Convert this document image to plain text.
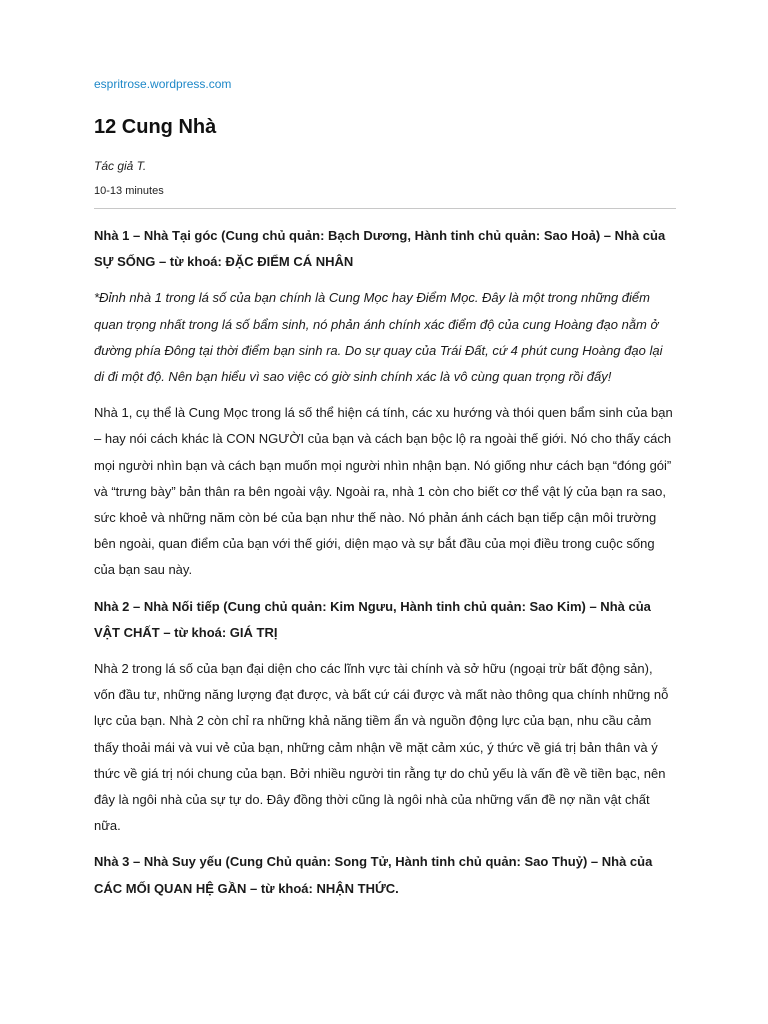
espritrose.wordpress.com
12 Cung Nhà

Tác giả T.

10-13 minutes

Nhà 1 – Nhà Tại góc (Cung chủ quản: Bạch Dương, Hành tinh chủ quản: Sao Hoả) – Nhà của SỰ SỐNG – từ khoá: ĐẶC ĐIỂM CÁ NHÂN

*Đỉnh nhà 1 trong lá số của bạn chính là Cung Mọc hay Điểm Mọc. Đây là một trong những điểm quan trọng nhất trong lá số bẩm sinh, nó phản ánh chính xác điểm độ của cung Hoàng đạo nằm ở đường phía Đông tại thời điểm bạn sinh ra. Do sự quay của Trái Đất, cứ 4 phút cung Hoàng đạo lại di đi một độ. Nên bạn hiểu vì sao việc có giờ sinh chính xác là vô cùng quan trọng rồi đấy!

Nhà 1, cụ thể là Cung Mọc trong lá số thể hiện cá tính, các xu hướng và thói quen bẩm sinh của bạn – hay nói cách khác là CON NGƯỜI của bạn và cách bạn bộc lộ ra ngoài thế giới. Nó cho thấy cách mọi người nhìn bạn và cách bạn muốn mọi người nhìn nhận bạn. Nó giống như cách bạn “đóng gói” và “trưng bày” bản thân ra bên ngoài vậy. Ngoài ra, nhà 1 còn cho biết cơ thể vật lý của bạn ra sao, sức khoẻ và những năm còn bé của bạn như thế nào. Nó phản ánh cách bạn tiếp cận môi trường bên ngoài, quan điểm của bạn với thế giới, diện mạo và sự bắt đầu của mọi điều trong cuộc sống của bạn sau này.

Nhà 2 – Nhà Nối tiếp (Cung chủ quản: Kim Ngưu, Hành tinh chủ quản: Sao Kim) – Nhà của VẬT CHẤT – từ khoá: GIÁ TRỊ

Nhà 2 trong lá số của bạn đại diện cho các lĩnh vực tài chính và sở hữu (ngoại trừ bất động sản), vốn đầu tư, những năng lượng đạt được, và bất cứ cái được và mất nào thông qua chính những nỗ lực của bạn. Nhà 2 còn chỉ ra những khả năng tiềm ẩn và nguồn động lực của bạn, nhu cầu cảm thấy thoải mái và vui vẻ của bạn, những cảm nhận về mặt cảm xúc, ý thức về giá trị bản thân và ý thức về giá trị nói chung của bạn. Bởi nhiều người tin rằng tự do chủ yếu là vấn đề về tiền bạc, nên đây là ngôi nhà của sự tự do. Đây đồng thời cũng là ngôi nhà của những vấn đề nợ nần vật chất nữa.

Nhà 3 – Nhà Suy yếu (Cung Chủ quản: Song Tử, Hành tinh chủ quản: Sao Thuỷ) – Nhà của CÁC MỐI QUAN HỆ GẦN – từ khoá: NHẬN THỨC.
